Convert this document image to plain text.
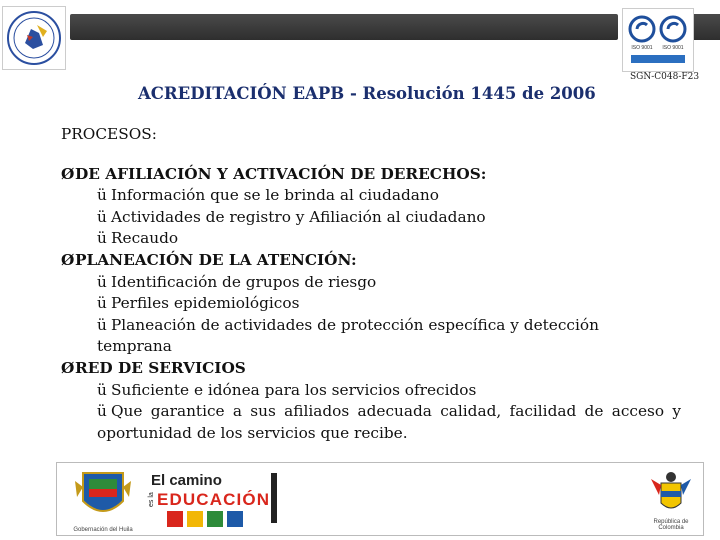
ISO 9001 ISO 9001
SGN-C048-F23
ACREDITACIÓN EAPB - Resolución 1445 de 2006
PROCESOS:
ØDE AFILIACIÓN Y ACTIVACIÓN DE DERECHOS:
ü Información que se le brinda al ciudadano
ü Actividades de registro y Afiliación al ciudadano
ü Recaudo
ØPLANEACIÓN DE LA ATENCIÓN:
ü Identificación de grupos de riesgo
ü Perfiles epidemiológicos
ü Planeación de actividades de protección específica y detección
temprana
ØRED DE SERVICIOS
ü Suficiente e idónea para los servicios ofrecidos
ü Que garantice a sus afiliados adecuada calidad, facilidad de acceso y
oportunidad de los servicios que recibe.
Gobernación del Huila
El camino
es la EDUCACIÓN
República de Colombia
